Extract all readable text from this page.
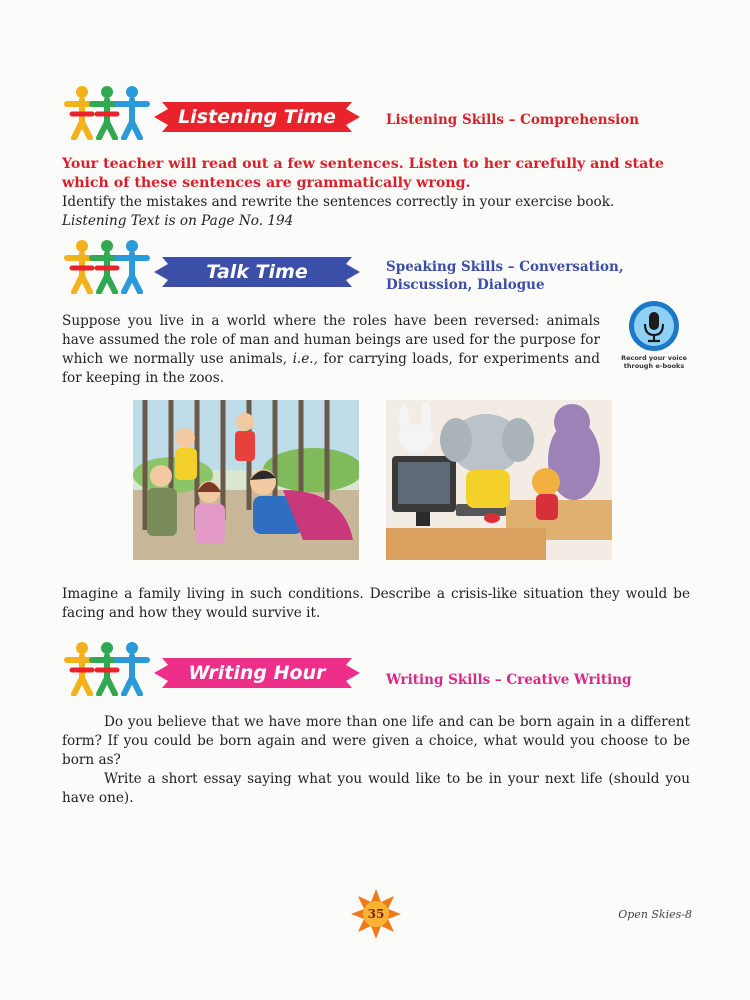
Listening Time	Listening Skills – Comprehension
Your teacher will read out a few sentences. Listen to her carefully and state which of these sentences are grammatically wrong.
Identify the mistakes and rewrite the sentences correctly in your exercise book.
Listening Text is on Page No. 194
Talk Time	Speaking Skills – Conversation,
Discussion, Dialogue
Suppose you live in a world where the roles have been reversed: animals have assumed the role of man and human beings are used for the purpose for which we normally use animals, i.e., for carrying loads, for experiments and for keeping in the zoos.
Record your voice
through e-books
Imagine a family living in such conditions. Describe a crisis-like situation they would be facing and how they would survive it.
Writing Hour	Writing Skills – Creative Writing
Do you believe that we have more than one life and can be born again in a different form? If you could be born again and were given a choice, what would you choose to be born as?
Write a short essay saying what you would like to be in your next life (should you have one).
35	Open Skies-8
